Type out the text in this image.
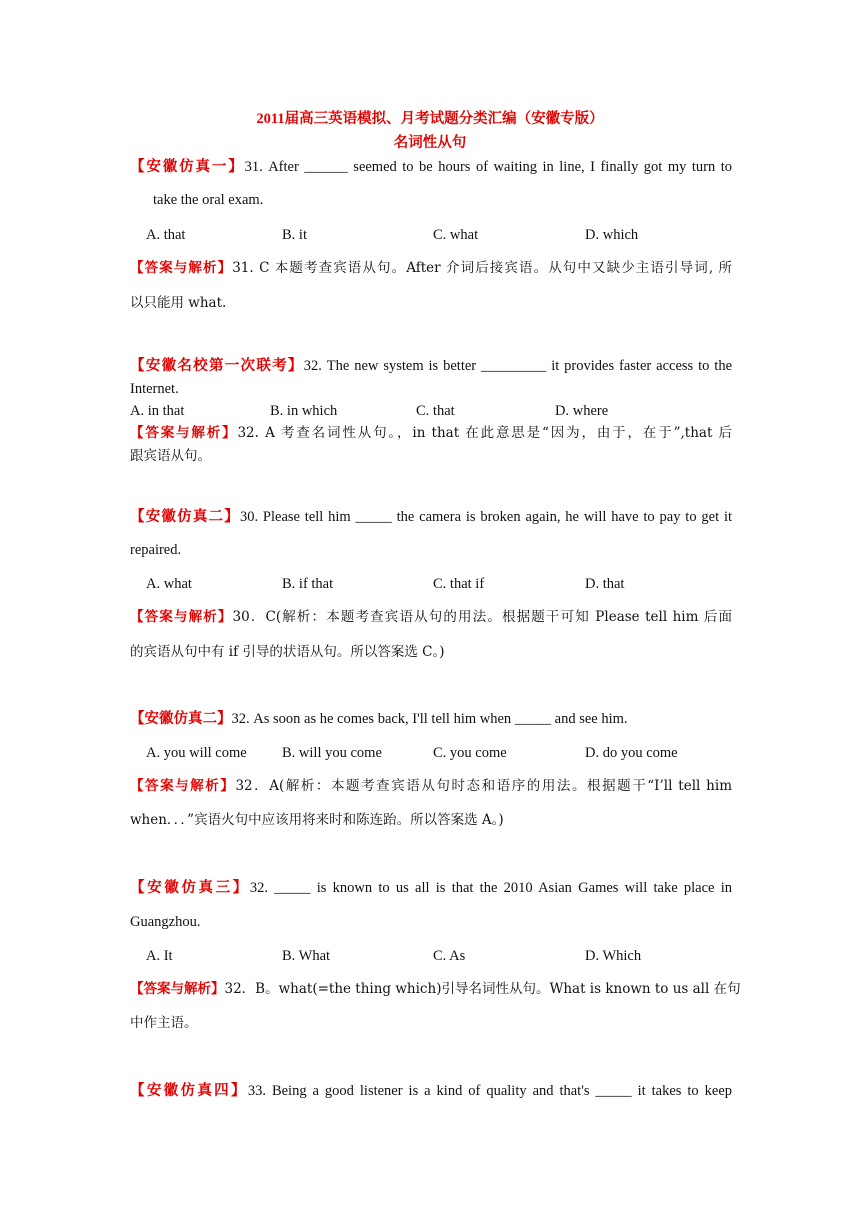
2011届高三英语模拟、月考试题分类汇编（安徽专版）
名词性从句
【安徽仿真一】31. After ______ seemed to be hours of waiting in line, I finally got my turn to
take the oral exam.
A. that	B. it	C. what	D. which
【答案与解析】31. C 本题考查宾语从句。After 介词后接宾语。从句中又缺少主语引导词, 所
以只能用 what.
【安徽名校第一次联考】32. The new system is better _________ it provides faster access to the
Internet.
A. in that	B. in which	C. that	D. where
【答案与解析】32. A 考查名词性从句。，in that 在此意思是“因为，由于，在于”,that 后
跟宾语从句。
【安徽仿真二】30. Please tell him _____ the camera is broken again, he will have to pay to get it
repaired.
A. what	B. if that	C. that if	D. that
【答案与解析】30．C(解析：本题考查宾语从句的用法。根据题干可知 Please tell him 后面
的宾语从句中有 if 引导的状语从句。所以答案选 C。)
【安徽仿真二】32. As soon as he comes back, I'll tell him when _____ and see him.
A. you will come B. will you come	C. you come	D. do you come
【答案与解析】32．A(解析：本题考查宾语从句时态和语序的用法。根据题干“I’ll tell him
when．．．”宾语火句中应该用将来时和陈连跆。所以答案选 A。)
【安徽仿真三】32. _____ is known to us all is that the 2010 Asian Games will take place in
Guangzhou.
A. It	B. What	C. As	D. Which
【答案与解析】32．B。what(=the thing which)引导名词性从句。What is known to us all 在句
中作主语。
【安徽仿真四】33. Being a good listener is a kind of quality and that's _____ it takes to keep
